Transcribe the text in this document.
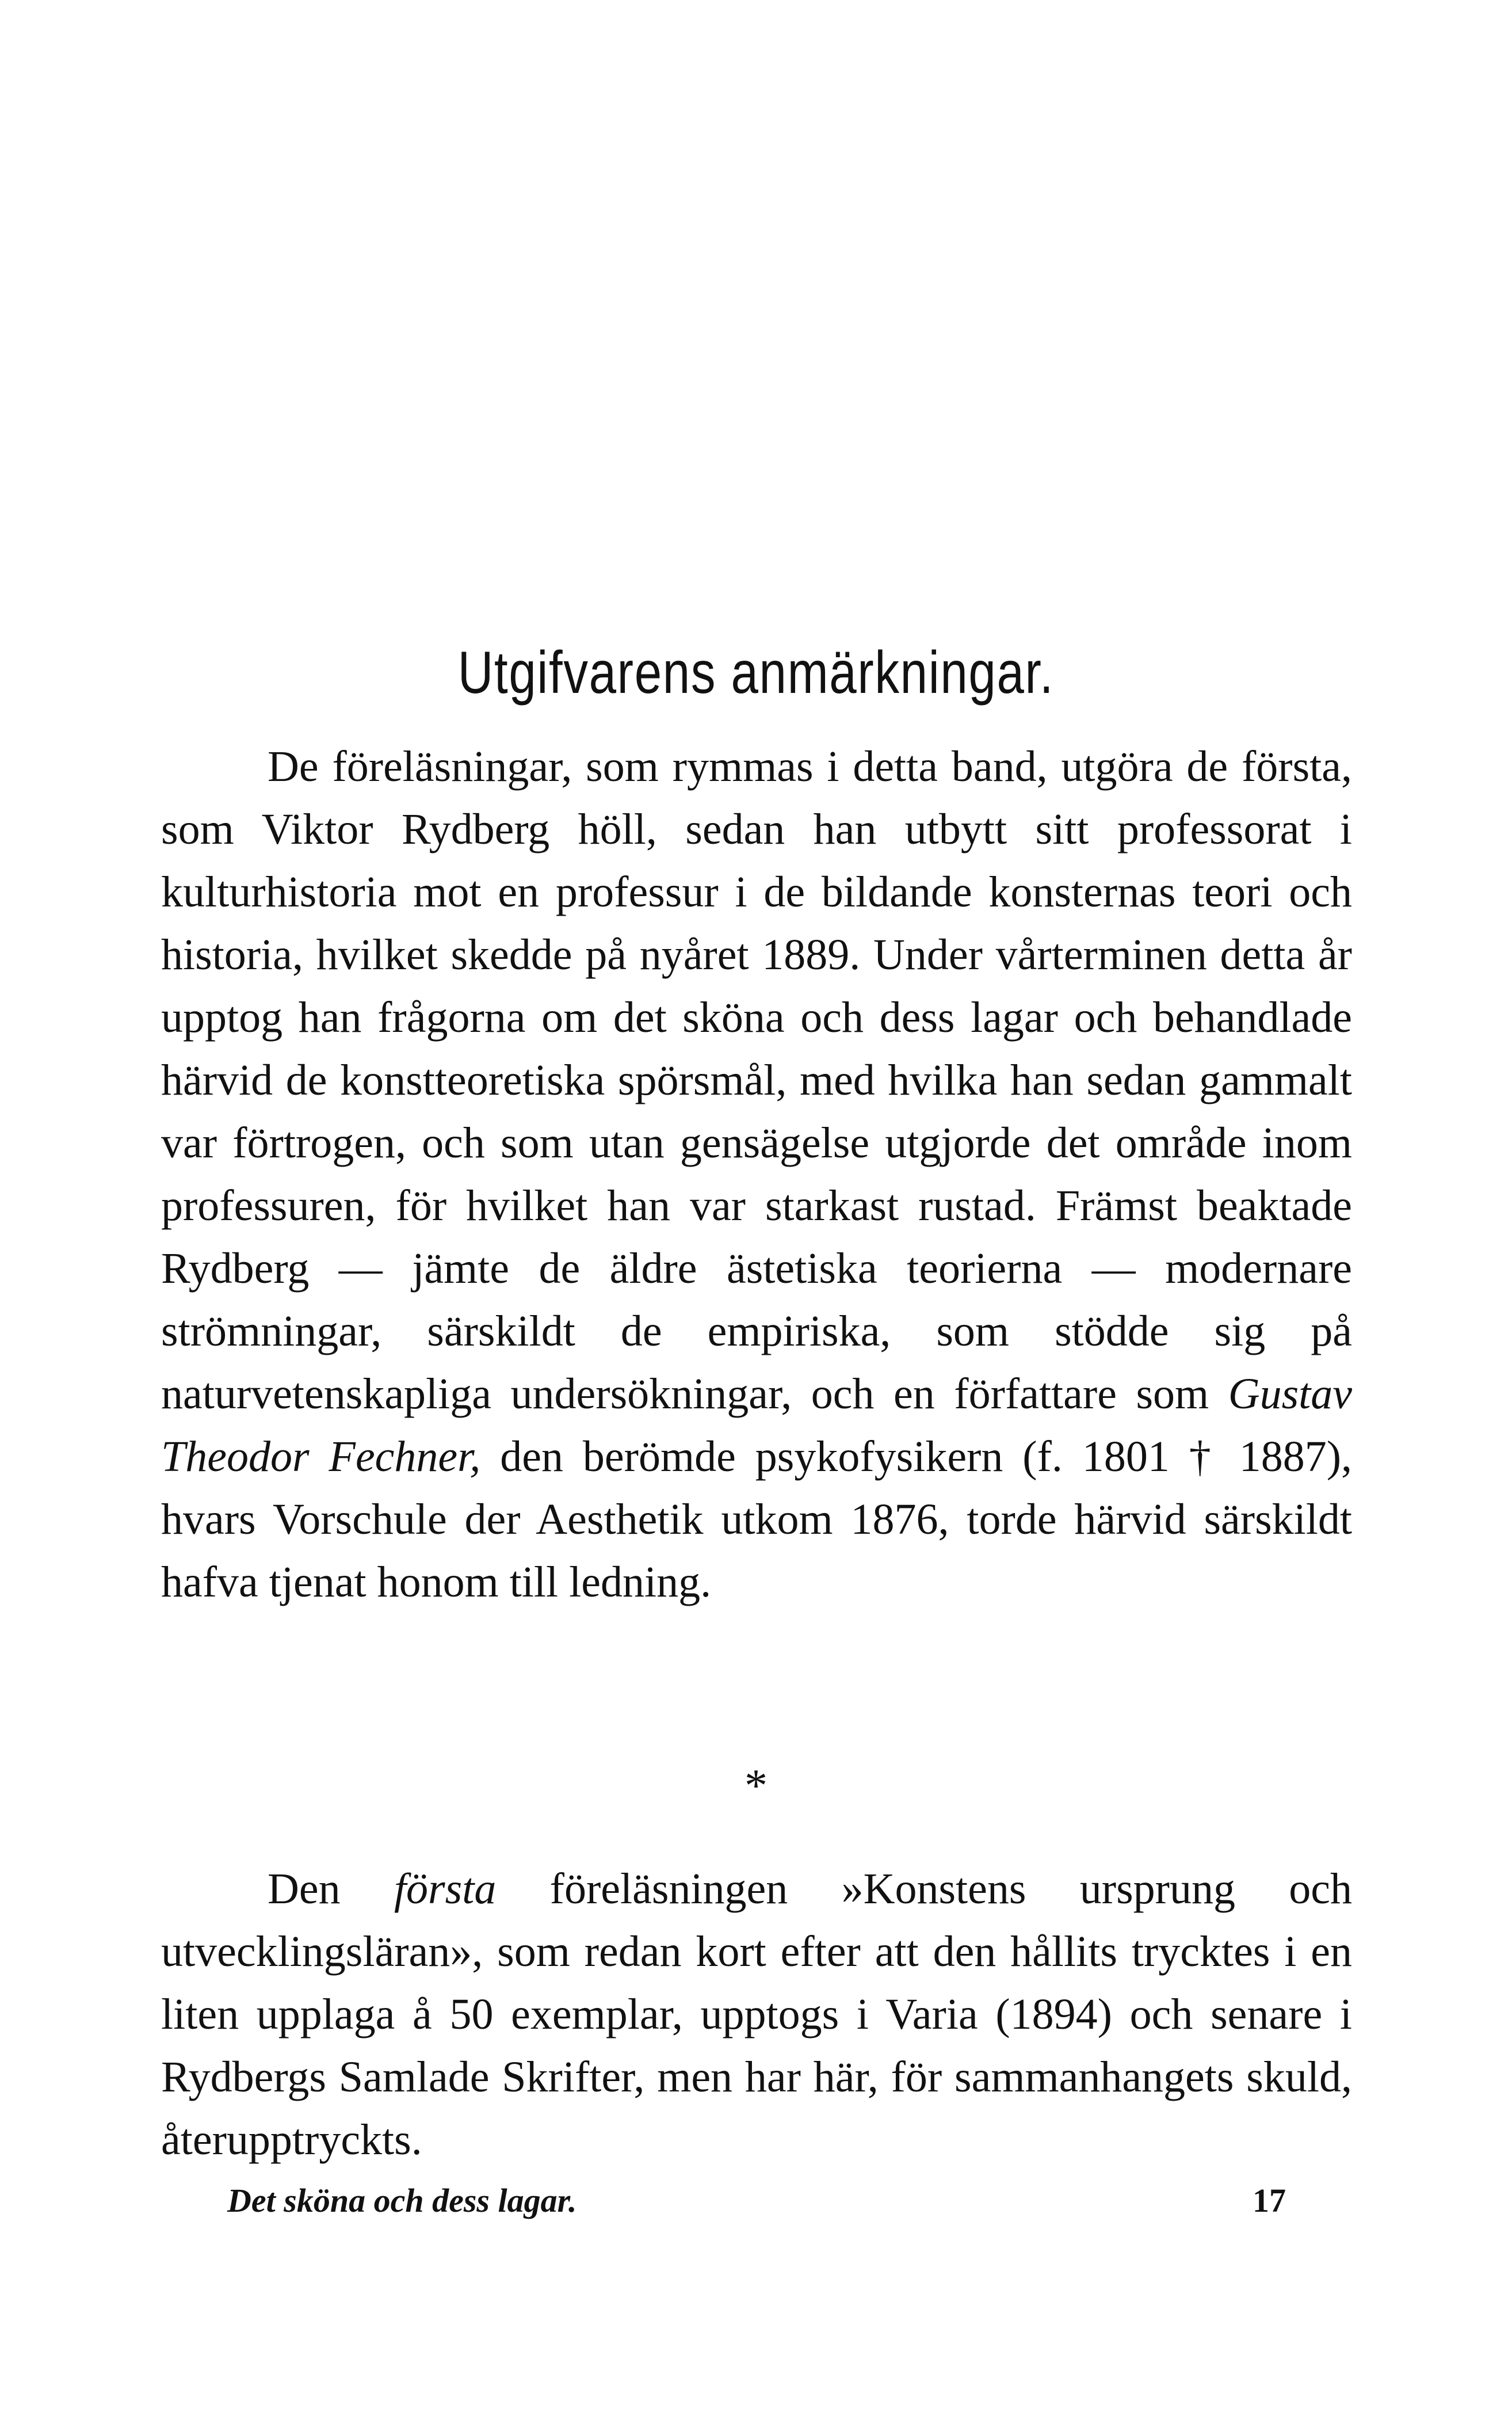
Utgifvarens anmärkningar.

De föreläsningar, som rymmas i detta band, utgöra de första, som Viktor Rydberg höll, sedan han utbytt sitt professorat i kulturhistoria mot en professur i de bildande konsternas teori och historia, hvilket skedde på nyåret 1889. Under vårterminen detta år upptog han frågorna om det sköna och dess lagar och behandlade härvid de konstteoretiska spörsmål, med hvilka han sedan gammalt var förtrogen, och som utan gensägelse utgjorde det område inom professuren, för hvilket han var starkast rustad. Främst beaktade Rydberg — jämte de äldre ästetiska teorierna — modernare strömningar, särskildt de empiriska, som stödde sig på naturvetenskapliga undersökningar, och en författare som Gustav Theodor Fechner, den berömde psykofysikern (f. 1801 † 1887), hvars Vorschule der Aesthetik utkom 1876, torde härvid särskildt hafva tjenat honom till ledning.

*

Den första föreläsningen »Konstens ursprung och utvecklingsläran», som redan kort efter att den hållits trycktes i en liten upplaga å 50 exemplar, upptogs i Varia (1894) och senare i Rydbergs Samlade Skrifter, men har här, för sammanhangets skuld, återupptryckts.

Det sköna och dess lagar.	17
